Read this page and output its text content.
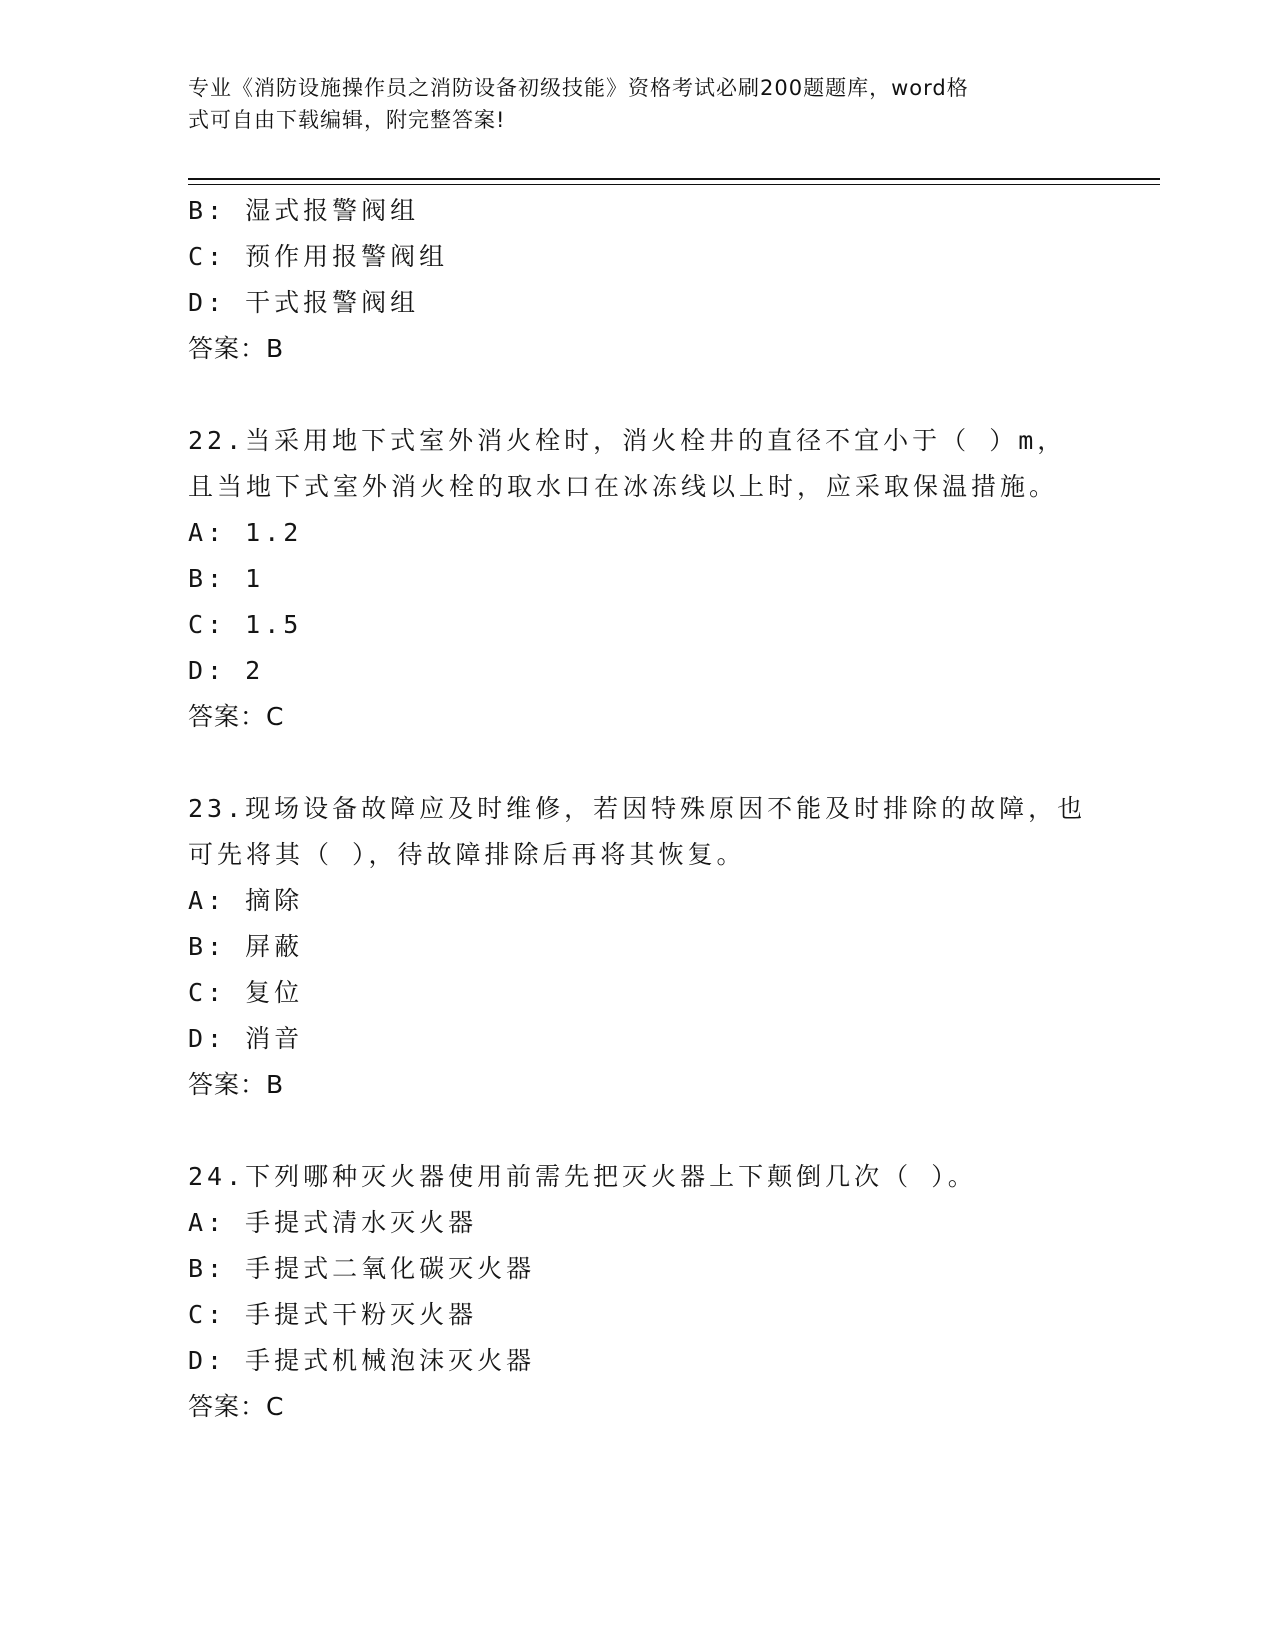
专业《消防设施操作员之消防设备初级技能》资格考试必刷200题题库，word格
式可自由下载编辑，附完整答案!
B: 湿式报警阀组
C: 预作用报警阀组
D: 干式报警阀组
答案：B
22.当采用地下式室外消火栓时，消火栓井的直径不宜小于（ ）m，
且当地下式室外消火栓的取水口在冰冻线以上时，应采取保温措施。
A: 1.2
B: 1
C: 1.5
D: 2
答案：C
23.现场设备故障应及时维修，若因特殊原因不能及时排除的故障，也
可先将其（ ），待故障排除后再将其恢复。
A: 摘除
B: 屏蔽
C: 复位
D: 消音
答案：B
24.下列哪种灭火器使用前需先把灭火器上下颠倒几次（ ）。
A: 手提式清水灭火器
B: 手提式二氧化碳灭火器
C: 手提式干粉灭火器
D: 手提式机械泡沫灭火器
答案：C
